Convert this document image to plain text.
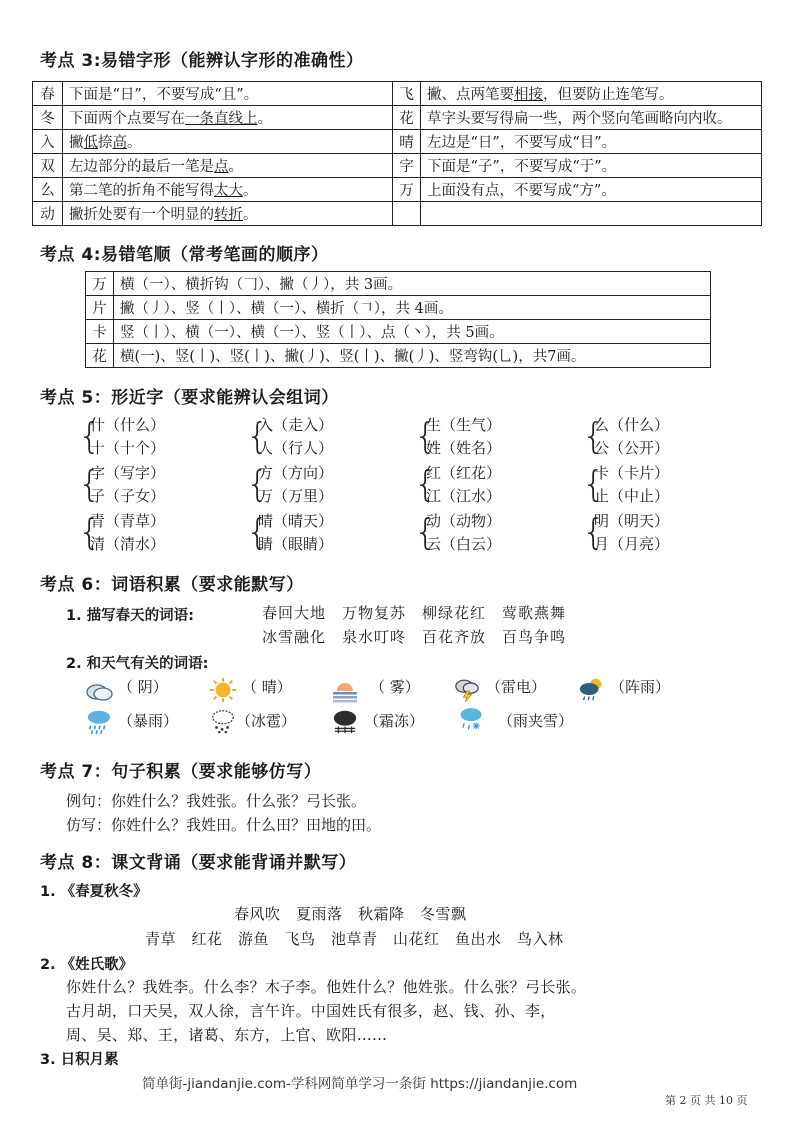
考点 3:易错字形（能辨认字形的准确性）
春	下面是“日”，不要写成“且”。	飞	撇、点两笔要相接，但要防止连笔写。
冬	下面两个点要写在一条直线上。	花	草字头要写得扁一些，两个竖向笔画略向内收。
入	撇低捺高。	晴	左边是“日”，不要写成“目”。
双	左边部分的最后一笔是点。	字	下面是“子”，不要写成“于”。
么	第二笔的折角不能写得太大。	万	上面没有点，不要写成“方”。
动	撇折处要有一个明显的转折。		
考点 4:易错笔顺（常考笔画的顺序）
万	横（一）、横折钩（𠃌）、撇（丿），共 3画。
片	撇（丿）、竖（丨）、横（一）、横折（𠃍），共 4画。
卡	竖（丨）、横（一）、横（一）、竖（丨）、点（丶），共 5画。
花	横(一)、竖(丨)、竖(丨)、撇(丿)、竖(丨)、撇(丿)、竖弯钩(乚)，共7画。
考点 5：形近字（要求能辨认会组词）
{
什（什么）
十（十个） {
入（走入）
人（行人） {
生（生气）
姓（姓名） {
么（什么）
公（公开）
{
字（写字）
子（子女） {
方（方向）
万（万里） {
红（红花）
江（江水） {
卡（卡片）
止（中止）
{
青（青草）
清（清水） {
晴（晴天）
睛（眼睛） {
动（动物）
云（白云） {
明（明天）
月（月亮）
考点 6：词语积累（要求能默写）
1. 描写春天的词语:	春回大地　万物复苏　柳绿花红　莺歌燕舞
冰雪融化　泉水叮咚　百花齐放　百鸟争鸣
2. 和天气有关的词语:
（ 阴）	（ 晴）	（ 雾）	（雷电）	（阵雨）
（暴雨）	（冰雹）	（霜冻）	（雨夹雪）
考点 7：句子积累（要求能够仿写）
例句：你姓什么？我姓张。什么张？弓长张。
仿写：你姓什么？我姓田。什么田？田地的田。
考点 8：课文背诵（要求能背诵并默写）
1. 《春夏秋冬》
春风吹　夏雨落　秋霜降　冬雪飘
青草　红花　游鱼　飞鸟　池草青　山花红　鱼出水　鸟入林
2. 《姓氏歌》
你姓什么？我姓李。什么李？木子李。他姓什么？他姓张。什么张？弓长张。
古月胡，口天吴，双人徐，言午许。中国姓氏有很多，赵、钱、孙、李，
周、吴、郑、王，诸葛、东方，上官、欧阳……
3. 日积月累
简单街-jiandanjie.com-学科网简单学习一条街 https://jiandanjie.com
第 2 页 共 10 页
